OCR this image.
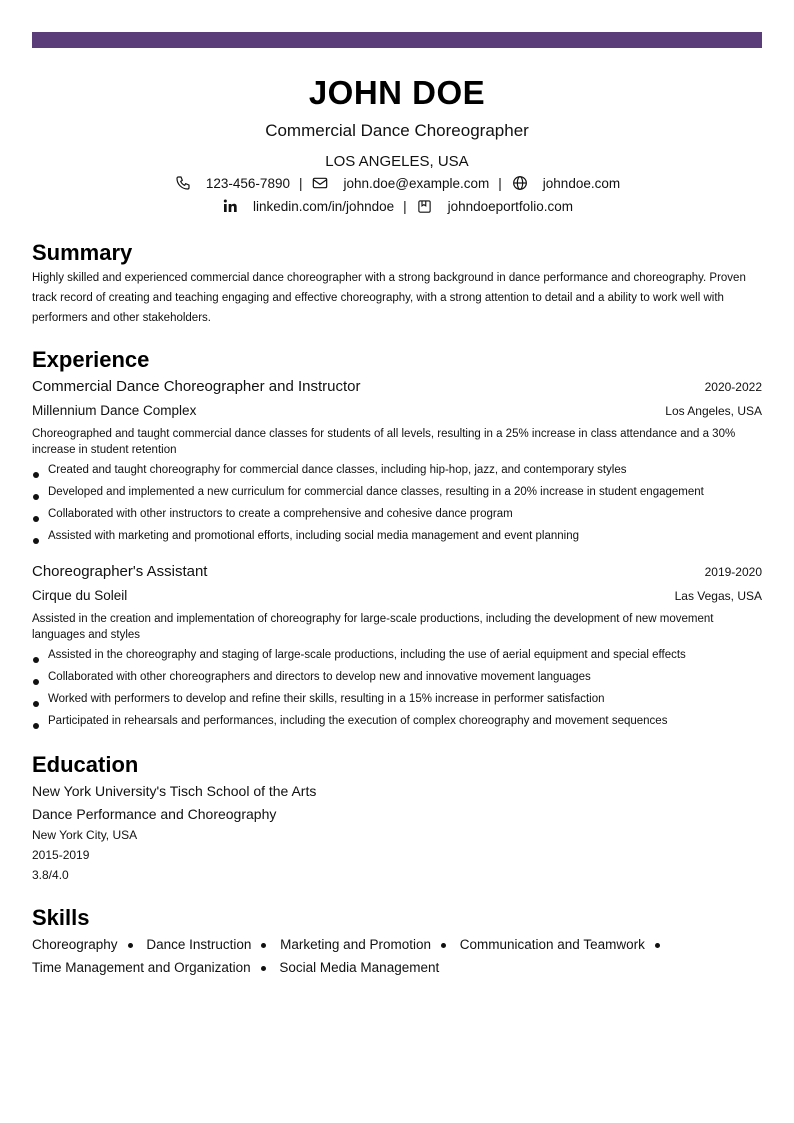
JOHN DOE
Commercial Dance Choreographer
LOS ANGELES, USA
123-456-7890 |	john.doe@example.com |	johndoe.com
linkedin.com/in/johndoe |	johndoeportfolio.com
Summary
Highly skilled and experienced commercial dance choreographer with a strong background in dance performance and choreography. Proven track record of creating and teaching engaging and effective choreography, with a strong attention to detail and a ability to work well with performers and other stakeholders.
Experience
Commercial Dance Choreographer and Instructor	2020-2022
Millennium Dance Complex	Los Angeles, USA
Choreographed and taught commercial dance classes for students of all levels, resulting in a 25% increase in class attendance and a 30% increase in student retention
Created and taught choreography for commercial dance classes, including hip-hop, jazz, and contemporary styles
Developed and implemented a new curriculum for commercial dance classes, resulting in a 20% increase in student engagement
Collaborated with other instructors to create a comprehensive and cohesive dance program
Assisted with marketing and promotional efforts, including social media management and event planning
Choreographer's Assistant	2019-2020
Cirque du Soleil	Las Vegas, USA
Assisted in the creation and implementation of choreography for large-scale productions, including the development of new movement languages and styles
Assisted in the choreography and staging of large-scale productions, including the use of aerial equipment and special effects
Collaborated with other choreographers and directors to develop new and innovative movement languages
Worked with performers to develop and refine their skills, resulting in a 15% increase in performer satisfaction
Participated in rehearsals and performances, including the execution of complex choreography and movement sequences
Education
New York University's Tisch School of the Arts
Dance Performance and Choreography
New York City, USA
2015-2019
3.8/4.0
Skills
Choreography Dance Instruction Marketing and Promotion Communication and Teamwork
Time Management and Organization Social Media Management
